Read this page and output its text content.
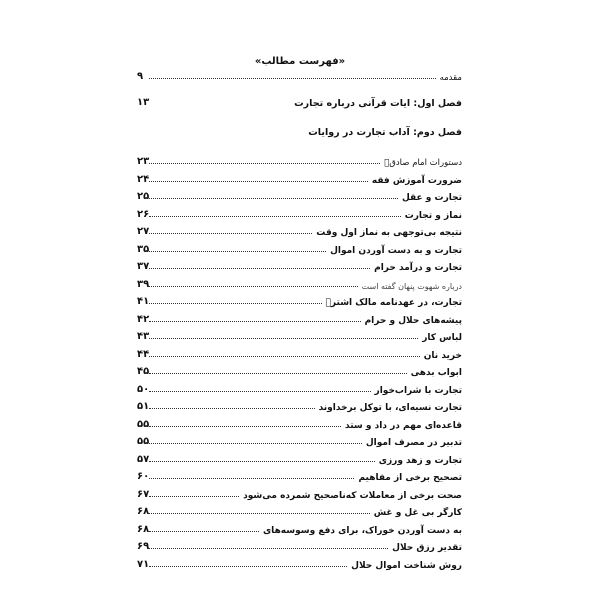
«فهرست مطالب»
مقدمه
۹
فصل اول: ایات قرآنی درباره تجارت
۱۳
فصل دوم: آداب تجارت در روایات
دستورات امام صادقؑ
۲۳
ضرورت آموزش فقه
۲۴
تجارت و عقل
۲۵
نماز و تجارت
۲۶
نتیجه بی‌توجهی به نماز اول وقت
۲۷
تجارت و به دست آوردن اموال
۳۵
تجارت و درآمد حرام
۳۷
درباره شهوت پنهان گفته است
۳۹
تجارت، در عهدنامه مالک اشترؓ
۴۱
پیشه‌های حلال و حرام
۴۲
لباس کار
۴۳
خرید نان
۴۴
ابواب بدهی
۴۵
تجارت با شراب‌خوار
۵۰
تجارت نسیه‌ای، با توکل برخداوند
۵۱
قاعده‌ای مهم در داد و ستد
۵۵
تدبیر در مصرف اموال
۵۵
تجارت و زهد ورزی
۵۷
تصحیح برخی از مفاهیم
۶۰
صحت برخی از معاملات که‌ناصحیح شمرده می‌شود
۶۷
کارگر بی غل و غش
۶۸
به دست آوردن خوراک، برای دفع وسوسه‌های
۶۸
تقدیر رزق حلال
۶۹
روش شناخت اموال حلال
۷۱
